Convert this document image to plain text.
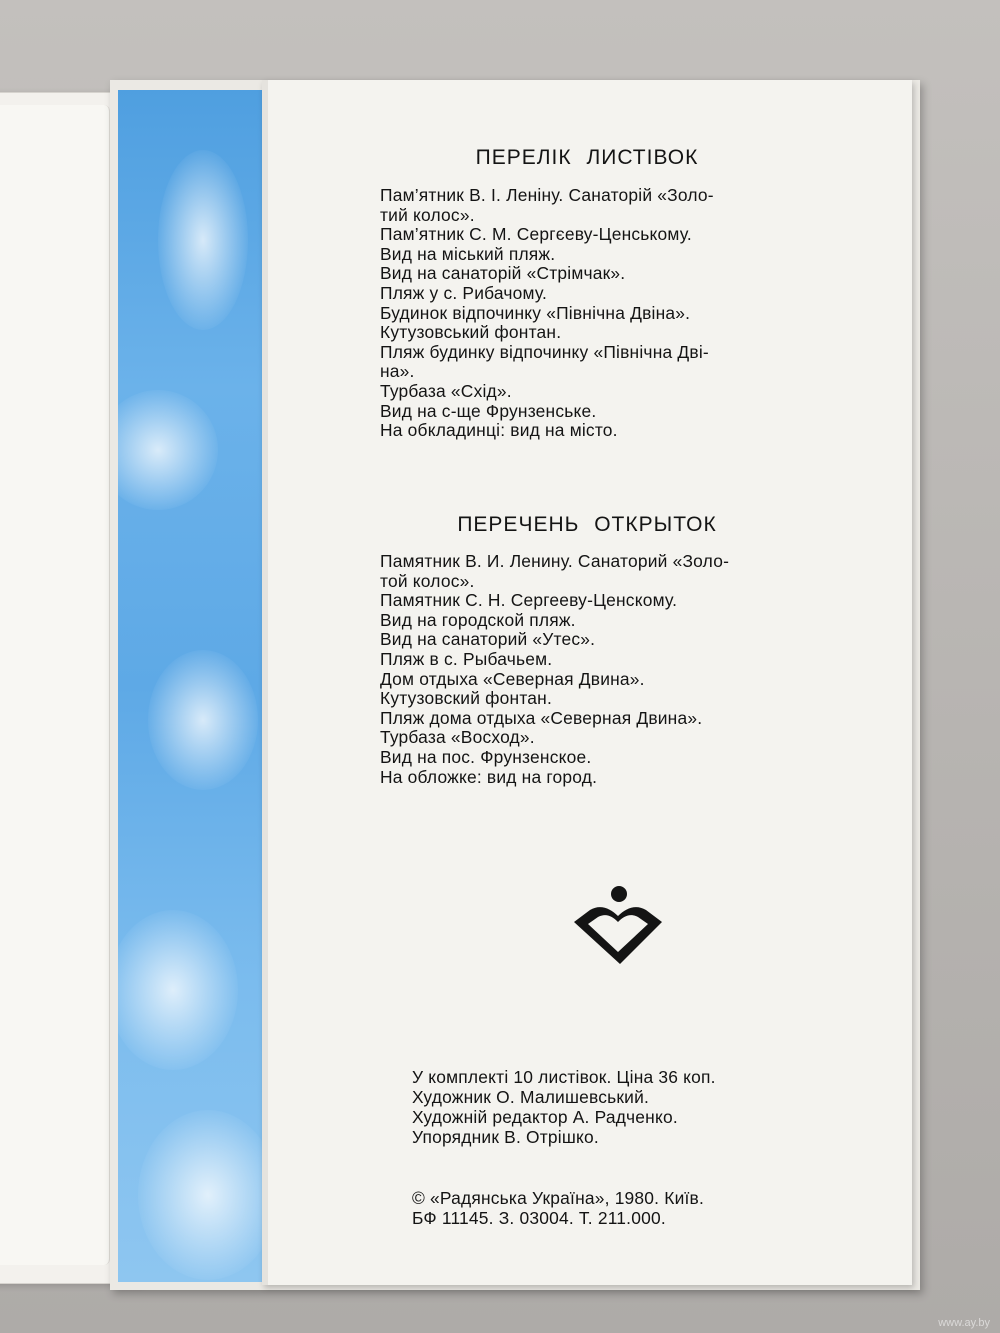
ПЕРЕЛІК ЛИСТІВОК
Пам’ятник В. І. Леніну. Санаторій «Золо-
тий колос».
Пам’ятник С. М. Сергєеву-Ценському.
Вид на міський пляж.
Вид на санаторій «Стрімчак».
Пляж у с. Рибачому.
Будинок відпочинку «Північна Двіна».
Кутузовський фонтан.
Пляж будинку відпочинку «Північна Дві-
на».
Турбаза «Схід».
Вид на с-ще Фрунзенське.
На обкладинці: вид на місто.
ПЕРЕЧЕНЬ ОТКРЫТОК
Памятник В. И. Ленину. Санаторий «Золо-
той колос».
Памятник С. Н. Сергееву-Ценскому.
Вид на городской пляж.
Вид на санаторий «Утес».
Пляж в с. Рыбачьем.
Дом отдыха «Северная Двина».
Кутузовский фонтан.
Пляж дома отдыха «Северная Двина».
Турбаза «Восход».
Вид на пос. Фрунзенское.
На обложке: вид на город.
У комплекті 10 листівок. Ціна 36 коп.
Художник О. Малишевський.
Художній редактор А. Радченко.
Упорядник В. Отрішко.
© «Радянська Україна», 1980. Київ.
БФ 11145. З. 03004. Т. 211.000.
www.ay.by
